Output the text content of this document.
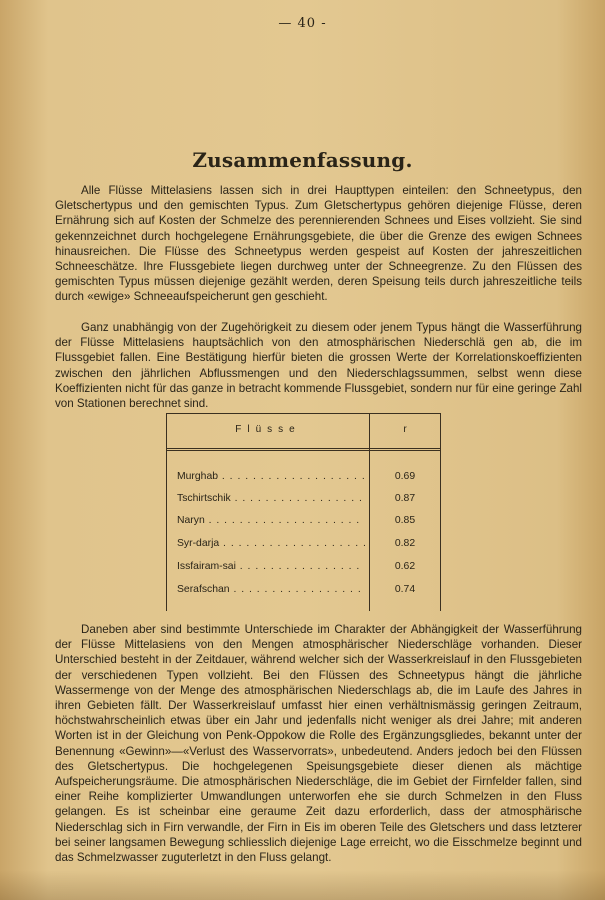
— 40 -
Zusammenfassung.

Alle Flüsse Mittelasiens lassen sich in drei Haupttypen einteilen: den Schneetypus, den Gletschertypus und den gemischten Typus. Zum Gletschertypus gehören diejenige Flüsse, deren Ernährung sich auf Kosten der Schmelze des perennierenden Schnees und Eises vollzieht. Sie sind gekennzeichnet durch hochgelegene Ernährungsgebiete, die über die Grenze des ewigen Schnees hinausreichen. Die Flüsse des Schneetypus werden gespeist auf Kosten der jahreszeitlichen Schneeschätze. Ihre Flussgebiete liegen durchweg unter der Schneegrenze. Zu den Flüssen des gemischten Typus müssen diejenige gezählt werden, deren Speisung teils durch jahreszeitliche teils durch «ewige» Schneeaufspeicherunt gen geschieht.

Ganz unabhängig von der Zugehörigkeit zu diesem oder jenem Typus hängt die Wasserführung der Flüsse Mittelasiens hauptsächlich von den atmosphärischen Niederschlä gen ab, die im Flussgebiet fallen. Eine Bestätigung hierfür bieten die grossen Werte der Korrelationskoeffizienten zwischen den jährlichen Abflussmengen und den Niederschlagssummen, selbst wenn diese Koeffizienten nicht für das ganze in betracht kommende Flussgebiet, sondern nur für eine geringe Zahl von Stationen berechnet sind.

Flüsse	r
Murghab . . .	0.69
Tschirtschik . . .	0.87
Naryn . . .	0.85
Syr-darja . . .	0.82
Issfairam-sai . . .	0.62
Serafschan . . .	0.74

Daneben aber sind bestimmte Unterschiede im Charakter der Abhängigkeit der Wasserführung der Flüsse Mittelasiens von den Mengen atmosphärischer Niederschläge vorhanden. Dieser Unterschied besteht in der Zeitdauer, während welcher sich der Wasserkreislauf in den Flussgebieten der verschiedenen Typen vollzieht. Bei den Flüssen des Schneetypus hängt die jährliche Wassermenge von der Menge des atmosphärischen Niederschlags ab, die im Laufe des Jahres in ihren Gebieten fällt. Der Wasserkreislauf umfasst hier einen verhältnismässig geringen Zeitraum, höchstwahrscheinlich etwas über ein Jahr und jedenfalls nicht weniger als drei Jahre; mit anderen Worten ist in der Gleichung von Penk-Oppokow die Rolle des Ergänzungsgliedes, bekannt unter der Benennung «Gewinn»—«Verlust des Wasservorrats», unbedeutend. Anders jedoch bei den Flüssen des Gletschertypus. Die hochgelegenen Speisungsgebiete dieser dienen als mächtige Aufspeicherungsräume. Die atmosphärischen Niederschläge, die im Gebiet der Firnfelder fallen, sind einer Reihe komplizierter Umwandlungen unterworfen ehe sie durch Schmelzen in den Fluss gelangen. Es ist scheinbar eine geraume Zeit dazu erforderlich, dass der atmosphärische Niederschlag sich in Firn verwandle, der Firn in Eis im oberen Teile des Gletschers und dass letzterer bei seiner langsamen Bewegung schliesslich diejenige Lage erreicht, wo die Eisschmelze beginnt und das Schmelzwasser zuguterletzt in den Fluss gelangt.
